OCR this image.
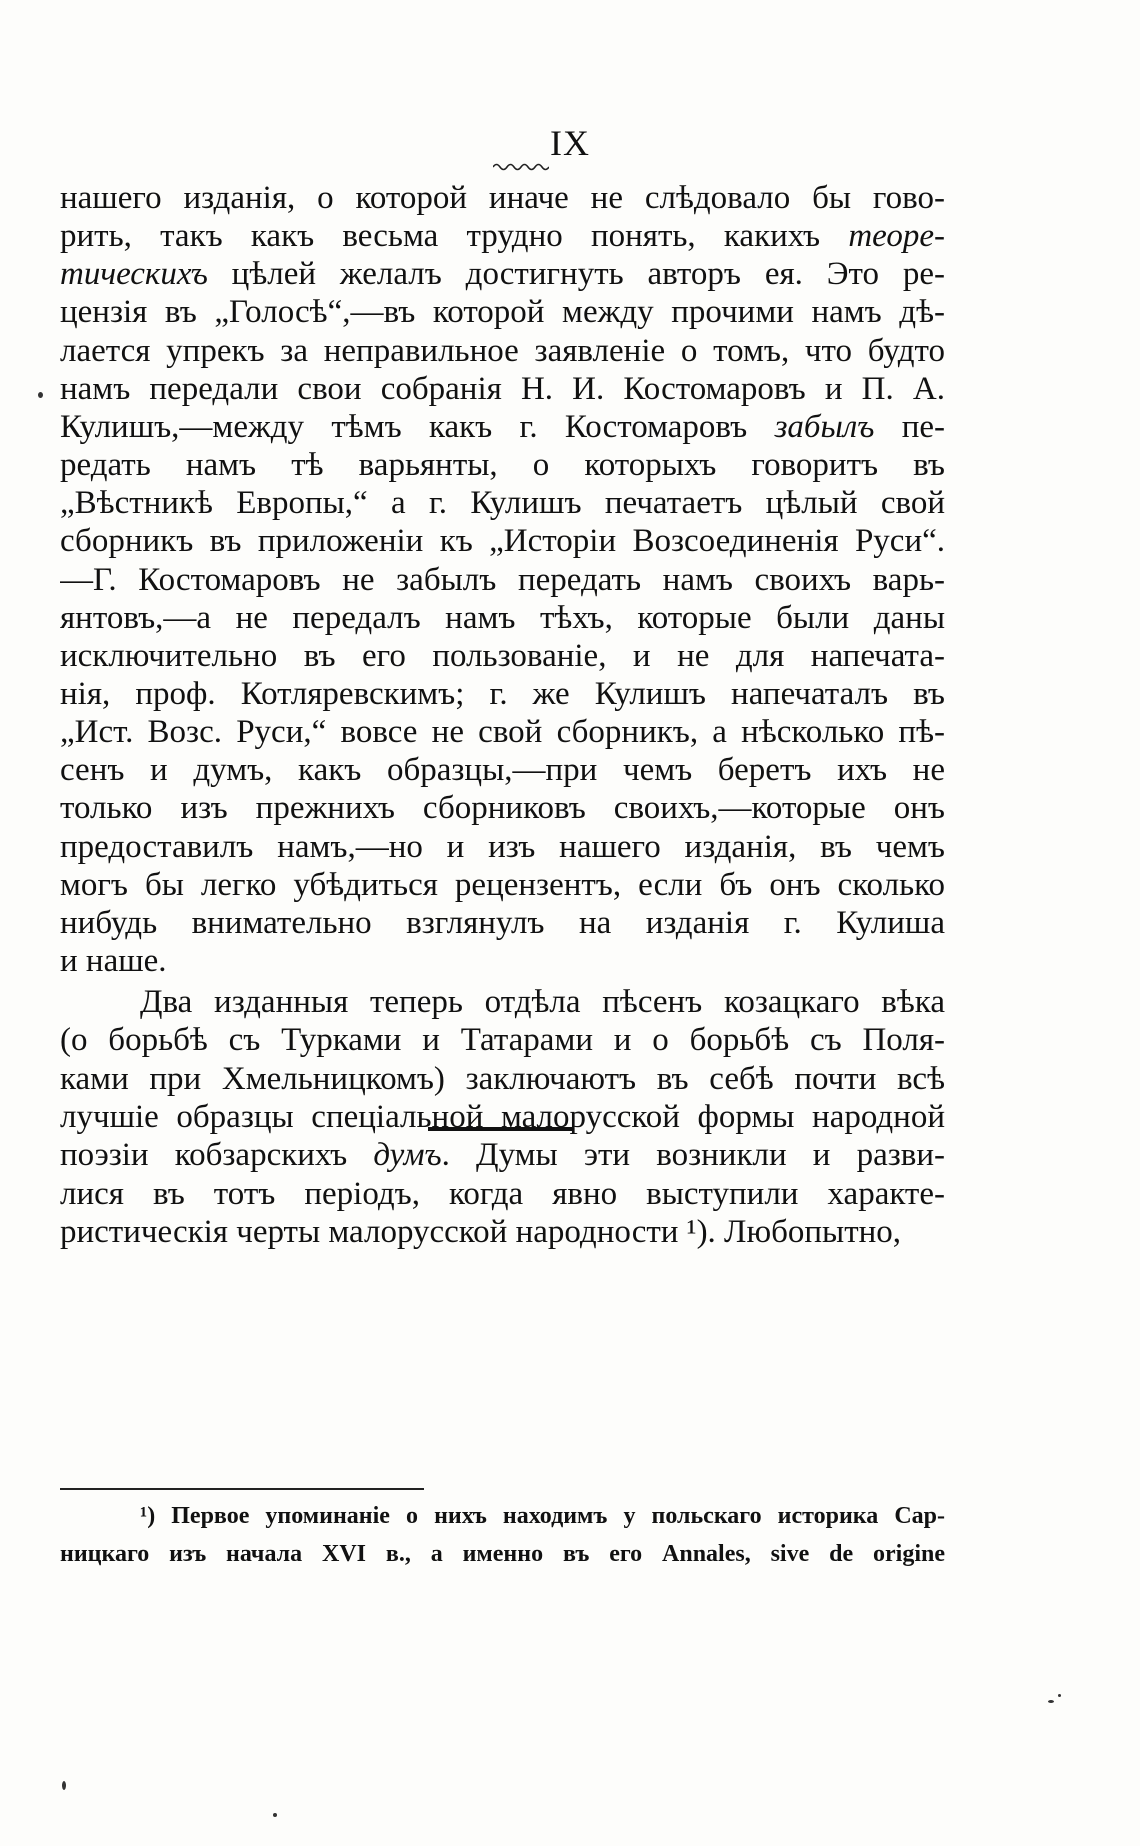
IX
нашего изданія, о которой иначе не слѣдовало бы гово-
рить, такъ какъ весьма трудно понять, какихъ теоре-
тическихъ цѣлей желалъ достигнуть авторъ ея. Это ре-
цензія въ „Голосѣ“,—въ которой между прочими намъ дѣ-
лается упрекъ за неправильное заявленіе о томъ, что будто
намъ передали свои собранія Н. И. Костомаровъ и П. А.
Кулишъ,—между тѣмъ какъ г. Костомаровъ забылъ пе-
редать намъ тѣ варьянты, о которыхъ говоритъ въ
„Вѣстникѣ Европы,“ а г. Кулишъ печатаетъ цѣлый свой
сборникъ въ приложеніи къ „Исторіи Возсоединенія Руси“.
—Г. Костомаровъ не забылъ передать намъ своихъ варь-
янтовъ,—а не передалъ намъ тѣхъ, которые были даны
исключительно въ его пользованіе, и не для напечата-
нія, проф. Котляревскимъ; г. же Кулишъ напечаталъ въ
„Ист. Возс. Руси,“ вовсе не свой сборникъ, а нѣсколько пѣ-
сенъ и думъ, какъ образцы,—при чемъ беретъ ихъ не
только изъ прежнихъ сборниковъ своихъ,—которые онъ
предоставилъ намъ,—но и изъ нашего изданія, въ чемъ
могъ бы легко убѣдиться рецензентъ, если бъ онъ сколько
нибудь внимательно взглянулъ на изданія г. Кулиша
и наше.
Два изданныя теперь отдѣла пѣсенъ козацкаго вѣка
(о борьбѣ съ Турками и Татарами и о борьбѣ съ Поля-
ками при Хмельницкомъ) заключаютъ въ себѣ почти всѣ
лучшіе образцы спеціальной малорусской формы народной
поэзіи кобзарскихъ думъ. Думы эти возникли и разви-
лися въ тотъ періодъ, когда явно выступили характе-
ристическія черты малорусской народности ¹). Любопытно,
¹) Первое упоминаніе о нихъ находимъ у польскаго историка Сар-
ницкаго изъ начала XVI в., а именно въ его Annales, sive de origine
